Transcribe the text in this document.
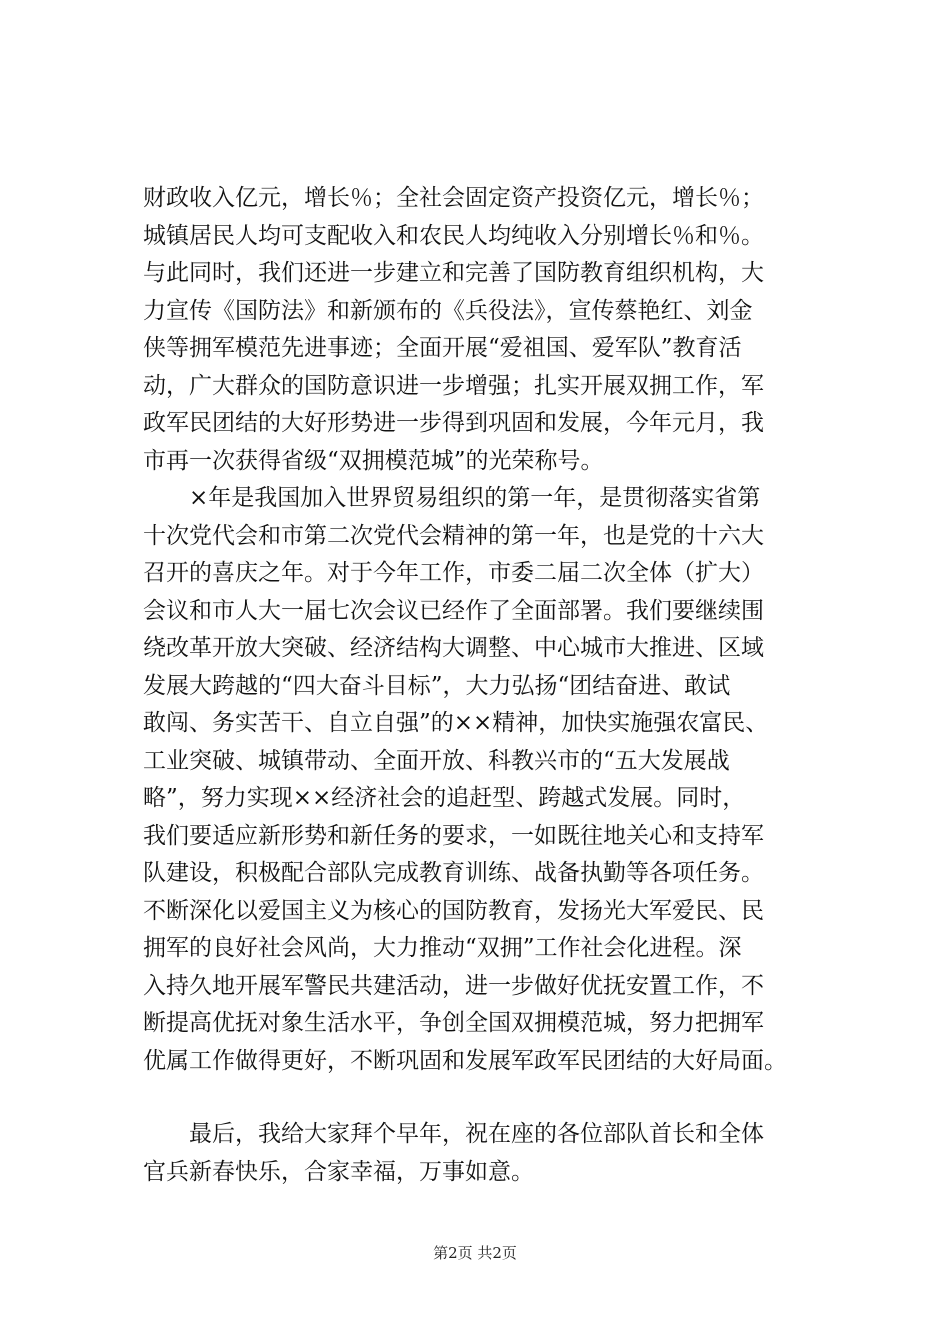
财政收入亿元，增长％；全社会固定资产投资亿元，增长％；
城镇居民人均可支配收入和农民人均纯收入分别增长％和％。
与此同时，我们还进一步建立和完善了国防教育组织机构，大
力宣传《国防法》和新颁布的《兵役法》，宣传蔡艳红、刘金
侠等拥军模范先进事迹；全面开展“爱祖国、爱军队”教育活
动，广大群众的国防意识进一步增强；扎实开展双拥工作，军
政军民团结的大好形势进一步得到巩固和发展，今年元月，我
市再一次获得省级“双拥模范城”的光荣称号。
　　×年是我国加入世界贸易组织的第一年，是贯彻落实省第
十次党代会和市第二次党代会精神的第一年，也是党的十六大
召开的喜庆之年。对于今年工作，市委二届二次全体（扩大）
会议和市人大一届七次会议已经作了全面部署。我们要继续围
绕改革开放大突破、经济结构大调整、中心城市大推进、区域
发展大跨越的“四大奋斗目标”，大力弘扬“团结奋进、敢试
敢闯、务实苦干、自立自强”的××精神，加快实施强农富民、
工业突破、城镇带动、全面开放、科教兴市的“五大发展战
略”，努力实现××经济社会的追赶型、跨越式发展。同时，
我们要适应新形势和新任务的要求，一如既往地关心和支持军
队建设，积极配合部队完成教育训练、战备执勤等各项任务。
不断深化以爱国主义为核心的国防教育，发扬光大军爱民、民
拥军的良好社会风尚，大力推动“双拥”工作社会化进程。深
入持久地开展军警民共建活动，进一步做好优抚安置工作，不
断提高优抚对象生活水平，争创全国双拥模范城，努力把拥军
优属工作做得更好，不断巩固和发展军政军民团结的大好局面。
　　最后，我给大家拜个早年，祝在座的各位部队首长和全体
官兵新春快乐，合家幸福，万事如意。
第2页 共2页
